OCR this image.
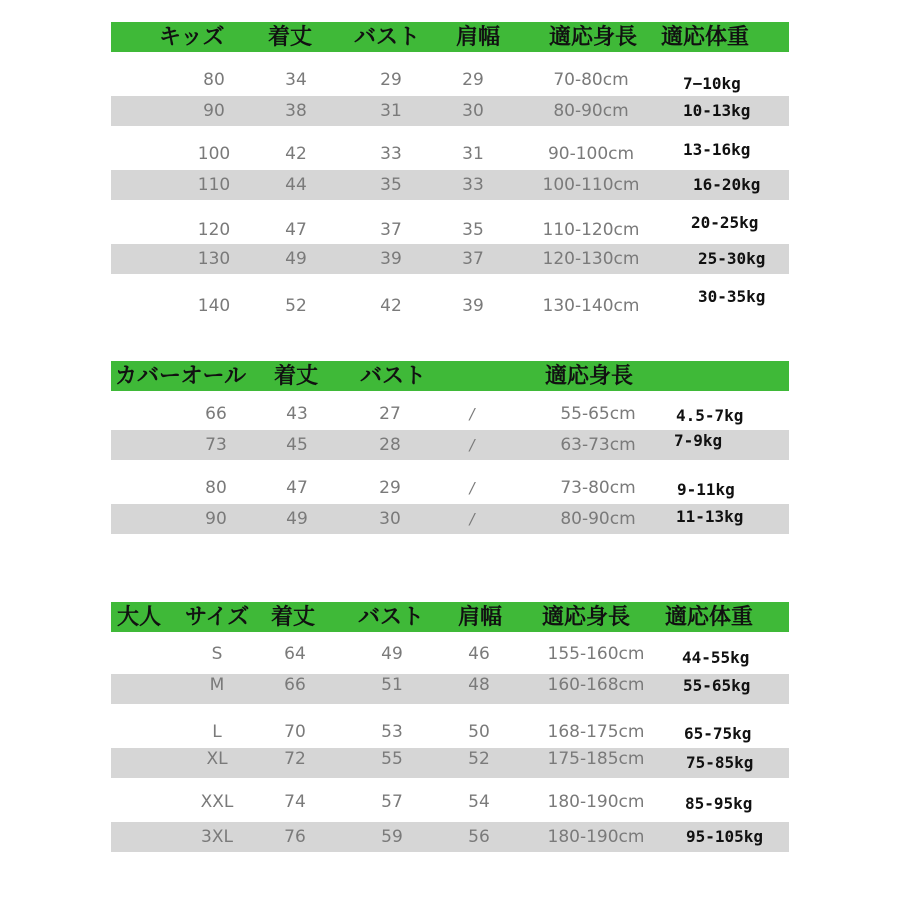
キッズ 着丈 バスト 肩幅 適応身長 適応体重
80	34	29	29	70-80cm	7−10kg
90	38	31	30	80-90cm	10-13kg
100	42	33	31	90-100cm	13-16kg
110	44	35	33	100-110cm	16-20kg
120	47	37	35	110-120cm	20-25kg
130	49	39	37	120-130cm	25-30kg
140	52	42	39	130-140cm	30-35kg
カバーオール 着丈 バスト	適応身長
66	43	27	/	55-65cm	4.5-7kg
73	45	28	/	63-73cm	7-9kg
80	47	29	/	73-80cm	9-11kg
90	49	30	/	80-90cm	11-13kg
大人 サイズ 着丈 バスト 肩幅 適応身長 適応体重
S	64	49	46	155-160cm	44-55kg
M	66	51	48	160-168cm	55-65kg
L	70	53	50	168-175cm	65-75kg
XL	72	55	52	175-185cm	75-85kg
XXL	74	57	54	180-190cm	85-95kg
3XL	76	59	56	180-190cm	95-105kg
